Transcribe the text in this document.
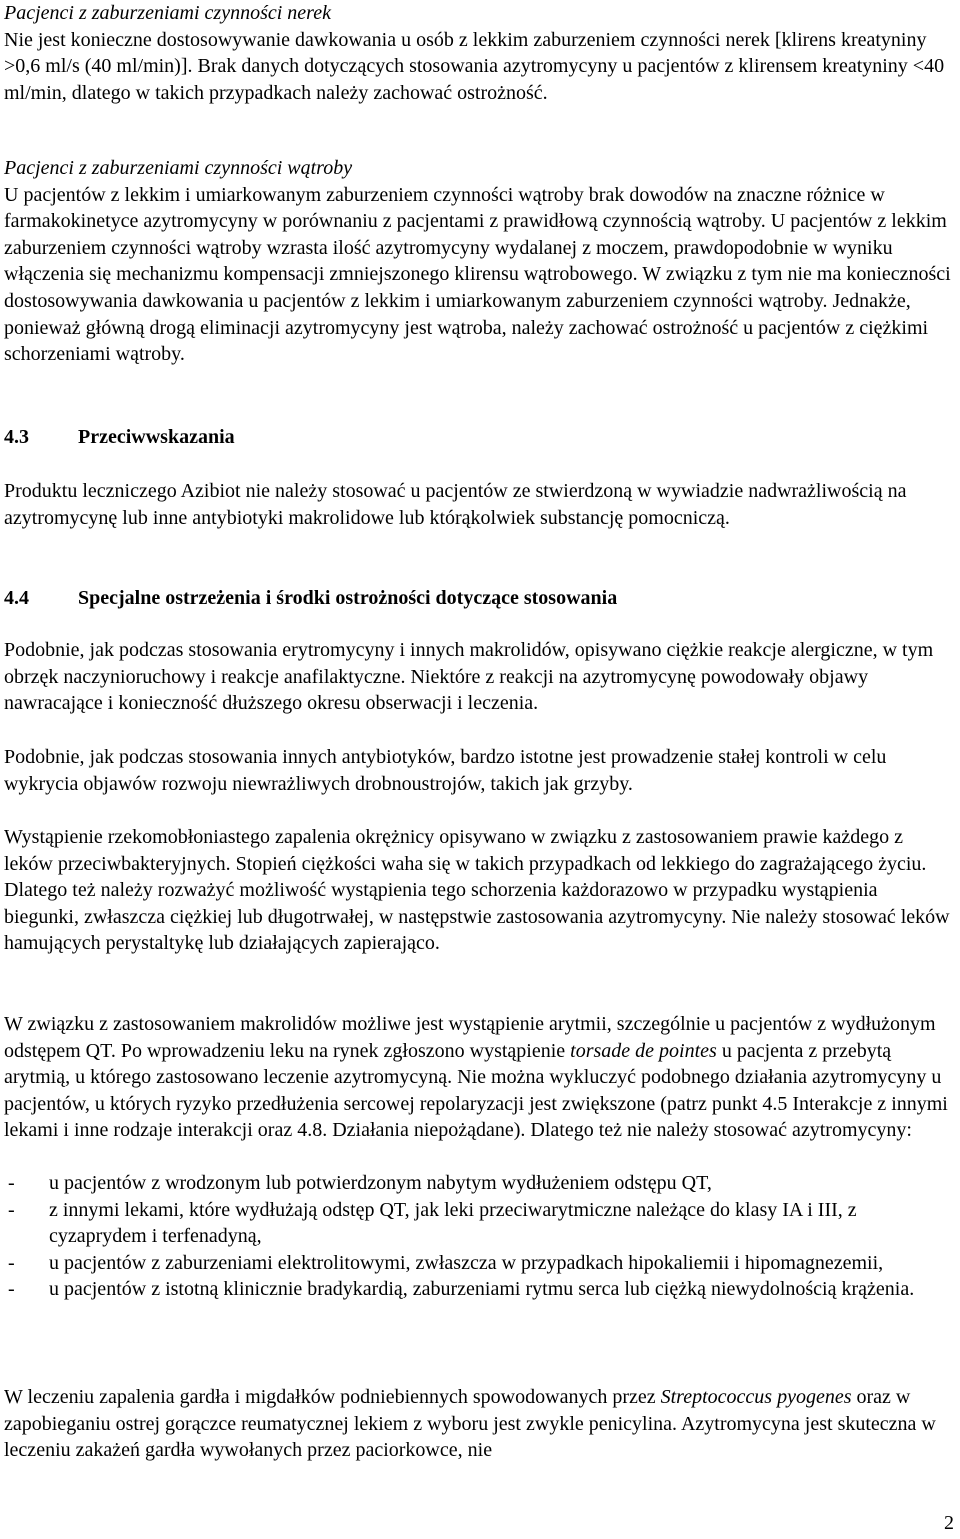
Pacjenci z zaburzeniami czynności nerek
Nie jest konieczne dostosowywanie dawkowania u osób z lekkim zaburzeniem czynności nerek [klirens kreatyniny >0,6 ml/s (40 ml/min)]. Brak danych dotyczących stosowania azytromycyny u pacjentów z klirensem kreatyniny <40 ml/min, dlatego w takich przypadkach należy zachować ostrożność.
Pacjenci z zaburzeniami czynności wątroby
U pacjentów z lekkim i umiarkowanym zaburzeniem czynności wątroby brak dowodów na znaczne różnice w farmakokinetyce azytromycyny w porównaniu z pacjentami z prawidłową czynnością wątroby. U pacjentów z lekkim zaburzeniem czynności wątroby wzrasta ilość azytromycyny wydalanej z moczem, prawdopodobnie w wyniku włączenia się mechanizmu kompensacji zmniejszonego klirensu wątrobowego. W związku z tym nie ma konieczności dostosowywania dawkowania u pacjentów z lekkim i umiarkowanym zaburzeniem czynności wątroby. Jednakże, ponieważ główną drogą eliminacji azytromycyny jest wątroba, należy zachować ostrożność u pacjentów z ciężkimi schorzeniami wątroby.
4.3	Przeciwwskazania
Produktu leczniczego Azibiot nie należy stosować u pacjentów ze stwierdzoną w wywiadzie nadwrażliwością na azytromycynę lub inne antybiotyki makrolidowe lub którąkolwiek substancję pomocniczą.
4.4	Specjalne ostrzeżenia i środki ostrożności dotyczące stosowania
Podobnie, jak podczas stosowania erytromycyny i innych makrolidów, opisywano ciężkie reakcje alergiczne, w tym obrzęk naczynioruchowy i reakcje anafilaktyczne. Niektóre z reakcji na azytromycynę powodowały objawy nawracające i konieczność dłuższego okresu obserwacji i leczenia.
Podobnie, jak podczas stosowania innych antybiotyków, bardzo istotne jest prowadzenie stałej kontroli w celu wykrycia objawów rozwoju niewrażliwych drobnoustrojów, takich jak grzyby.
Wystąpienie rzekomobłoniastego zapalenia okrężnicy opisywano w związku z zastosowaniem prawie każdego z leków przeciwbakteryjnych. Stopień ciężkości waha się w takich przypadkach od lekkiego do zagrażającego życiu. Dlatego też należy rozważyć możliwość wystąpienia tego schorzenia każdorazowo w przypadku wystąpienia biegunki, zwłaszcza ciężkiej lub długotrwałej, w następstwie zastosowania azytromycyny. Nie należy stosować leków hamujących perystaltykę lub działających zapierająco.
W związku z zastosowaniem makrolidów możliwe jest wystąpienie arytmii, szczególnie u pacjentów z wydłużonym odstępem QT. Po wprowadzeniu leku na rynek zgłoszono wystąpienie torsade de pointes u pacjenta z przebytą arytmią, u którego zastosowano leczenie azytromycyną. Nie można wykluczyć podobnego działania azytromycyny u pacjentów, u których ryzyko przedłużenia sercowej repolaryzacji jest zwiększone (patrz punkt 4.5 Interakcje z innymi lekami i inne rodzaje interakcji oraz 4.8. Działania niepożądane). Dlatego też nie należy stosować azytromycyny:
- u pacjentów z wrodzonym lub potwierdzonym nabytym wydłużeniem odstępu QT,
- z innymi lekami, które wydłużają odstęp QT, jak leki przeciwarytmiczne należące do klasy IA i III, z cyzaprydem i terfenadyną,
- u pacjentów z zaburzeniami elektrolitowymi, zwłaszcza w przypadkach hipokaliemii i hipomagnezemii,
- u pacjentów z istotną klinicznie bradykardią, zaburzeniami rytmu serca lub ciężką niewydolnością krążenia.
W leczeniu zapalenia gardła i migdałków podniebiennych spowodowanych przez Streptococcus pyogenes oraz w zapobieganiu ostrej gorączce reumatycznej lekiem z wyboru jest zwykle penicylina. Azytromycyna jest skuteczna w leczeniu zakażeń gardła wywołanych przez paciorkowce, nie
2
